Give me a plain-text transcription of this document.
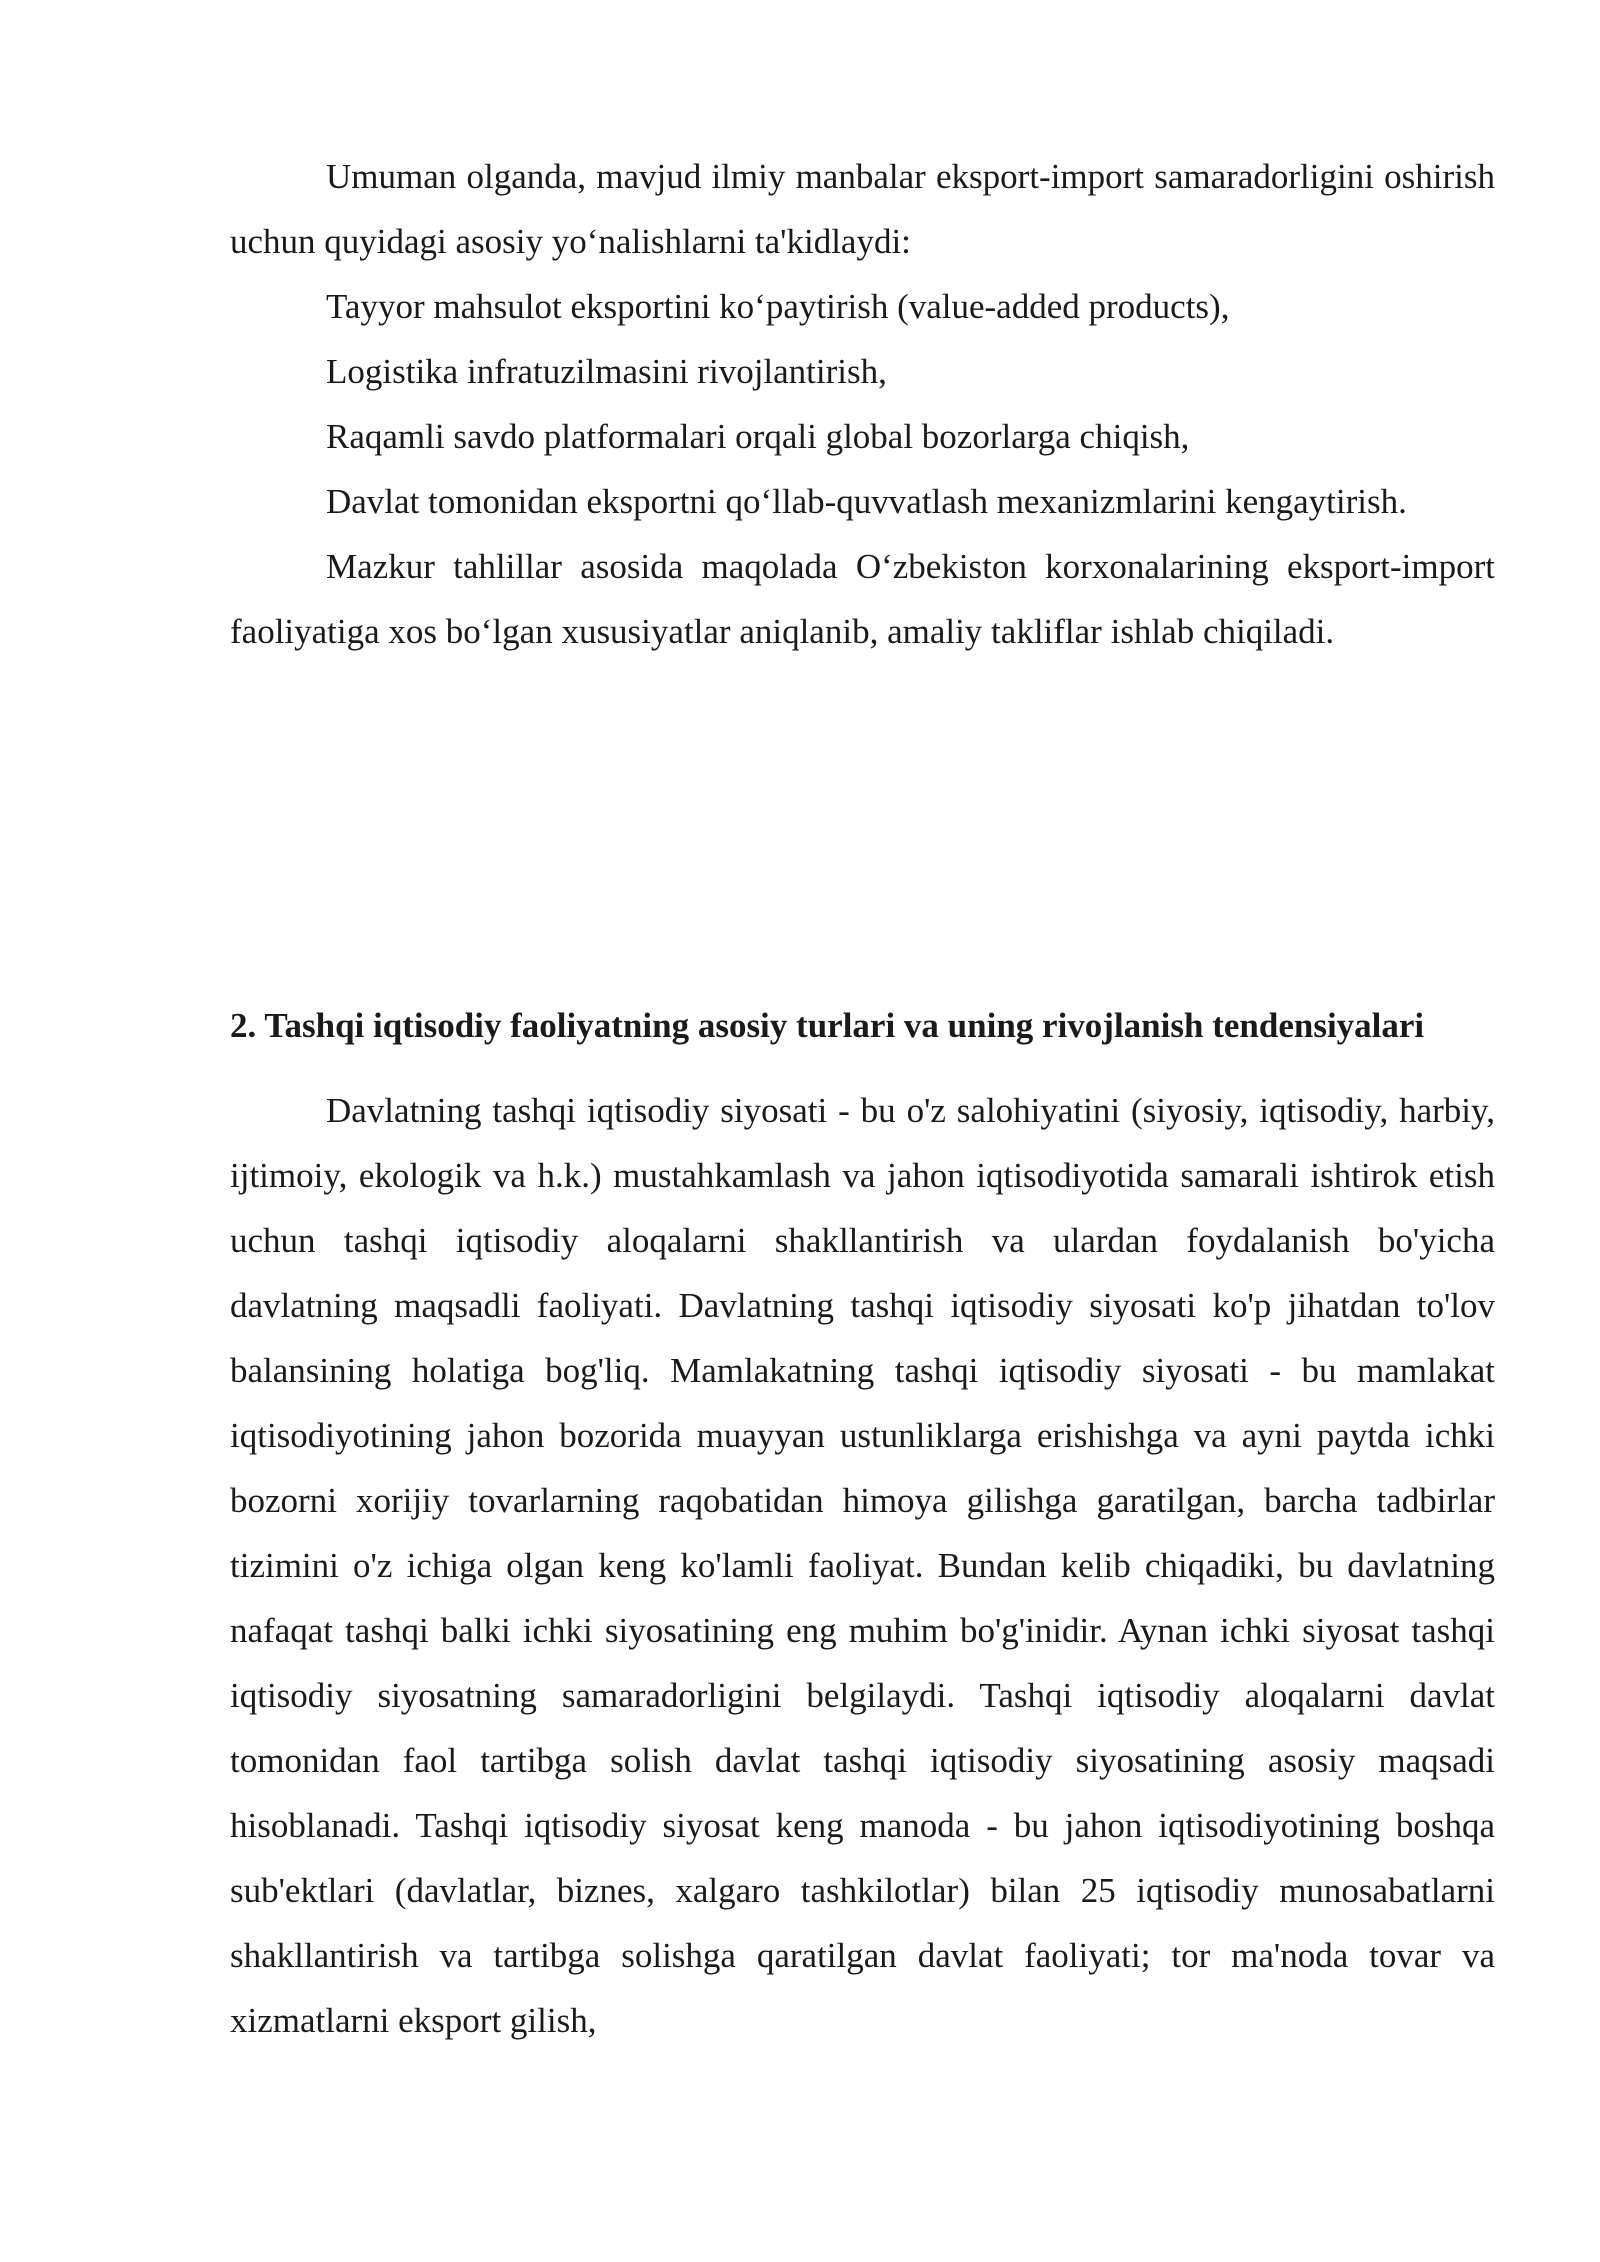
Umuman olganda, mavjud ilmiy manbalar eksport-import samaradorligini oshirish uchun quyidagi asosiy yo‘nalishlarni ta'kidlaydi:

Tayyor mahsulot eksportini ko‘paytirish (value-added products),

Logistika infratuzilmasini rivojlantirish,

Raqamli savdo platformalari orqali global bozorlarga chiqish,

Davlat tomonidan eksportni qo‘llab-quvvatlash mexanizmlarini kengaytirish.

Mazkur tahlillar asosida maqolada O‘zbekiston korxonalarining eksport-import faoliyatiga xos bo‘lgan xususiyatlar aniqlanib, amaliy takliflar ishlab chiqiladi.

2. Tashqi iqtisodiy faoliyatning asosiy turlari va uning rivojlanish tendensiyalari

Davlatning tashqi iqtisodiy siyosati - bu o'z salohiyatini (siyosiy, iqtisodiy, harbiy, ijtimoiy, ekologik va h.k.) mustahkamlash va jahon iqtisodiyotida samarali ishtirok etish uchun tashqi iqtisodiy aloqalarni shakllantirish va ulardan foydalanish bo'yicha davlatning maqsadli faoliyati. Davlatning tashqi iqtisodiy siyosati ko'p jihatdan to'lov balansining holatiga bog'liq. Mamlakatning tashqi iqtisodiy siyosati - bu mamlakat iqtisodiyotining jahon bozorida muayyan ustunliklarga erishishga va ayni paytda ichki bozorni xorijiy tovarlarning raqobatidan himoya gilishga garatilgan, barcha tadbirlar tizimini o'z ichiga olgan keng ko'lamli faoliyat. Bundan kelib chiqadiki, bu davlatning nafaqat tashqi balki ichki siyosatining eng muhim bo'g'inidir. Aynan ichki siyosat tashqi iqtisodiy siyosatning samaradorligini belgilaydi. Tashqi iqtisodiy aloqalarni davlat tomonidan faol tartibga solish davlat tashqi iqtisodiy siyosatining asosiy maqsadi hisoblanadi. Tashqi iqtisodiy siyosat keng manoda - bu jahon iqtisodiyotining boshqa sub'ektlari (davlatlar, biznes, xalgaro tashkilotlar) bilan 25 iqtisodiy munosabatlarni shakllantirish va tartibga solishga qaratilgan davlat faoliyati; tor ma'noda tovar va xizmatlarni eksport gilish,
